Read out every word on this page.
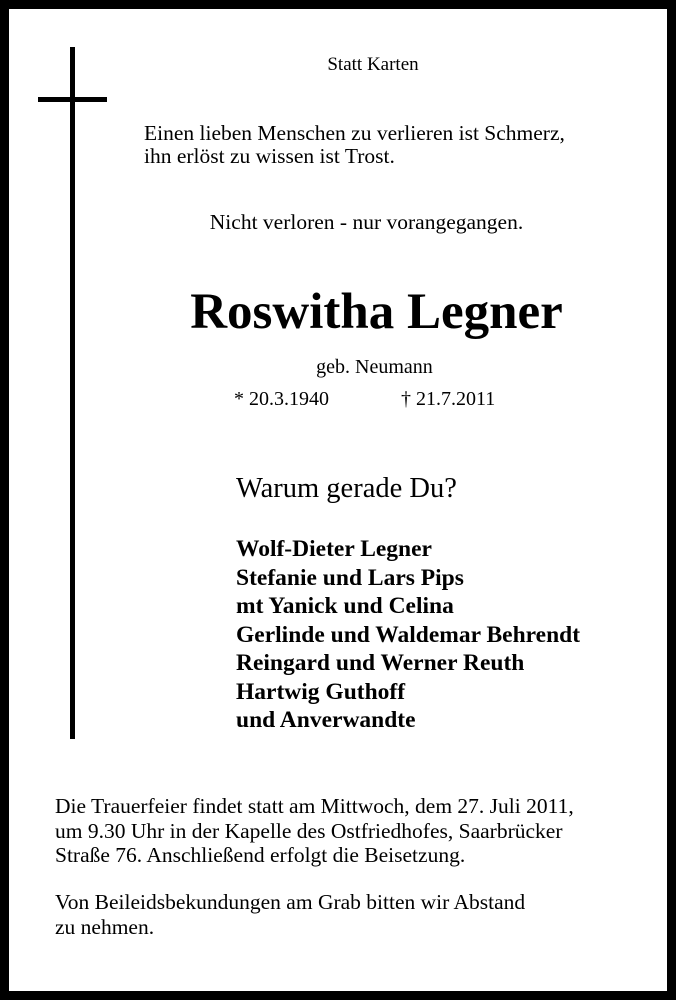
Statt Karten

Einen lieben Menschen zu verlieren ist Schmerz,
ihn erlöst zu wissen ist Trost.

Nicht verloren - nur vorangegangen.

Roswitha Legner

geb. Neumann

* 20.3.1940	† 21.7.2011

Warum gerade Du?

Wolf-Dieter Legner
Stefanie und Lars Pips
mt Yanick und Celina
Gerlinde und Waldemar Behrendt
Reingard und Werner Reuth
Hartwig Guthoff
und Anverwandte
Die Trauerfeier findet statt am Mittwoch, dem 27. Juli 2011,
um 9.30 Uhr in der Kapelle des Ostfriedhofes, Saarbrücker
Straße 76. Anschließend erfolgt die Beisetzung.
Von Beileidsbekundungen am Grab bitten wir Abstand
zu nehmen.
